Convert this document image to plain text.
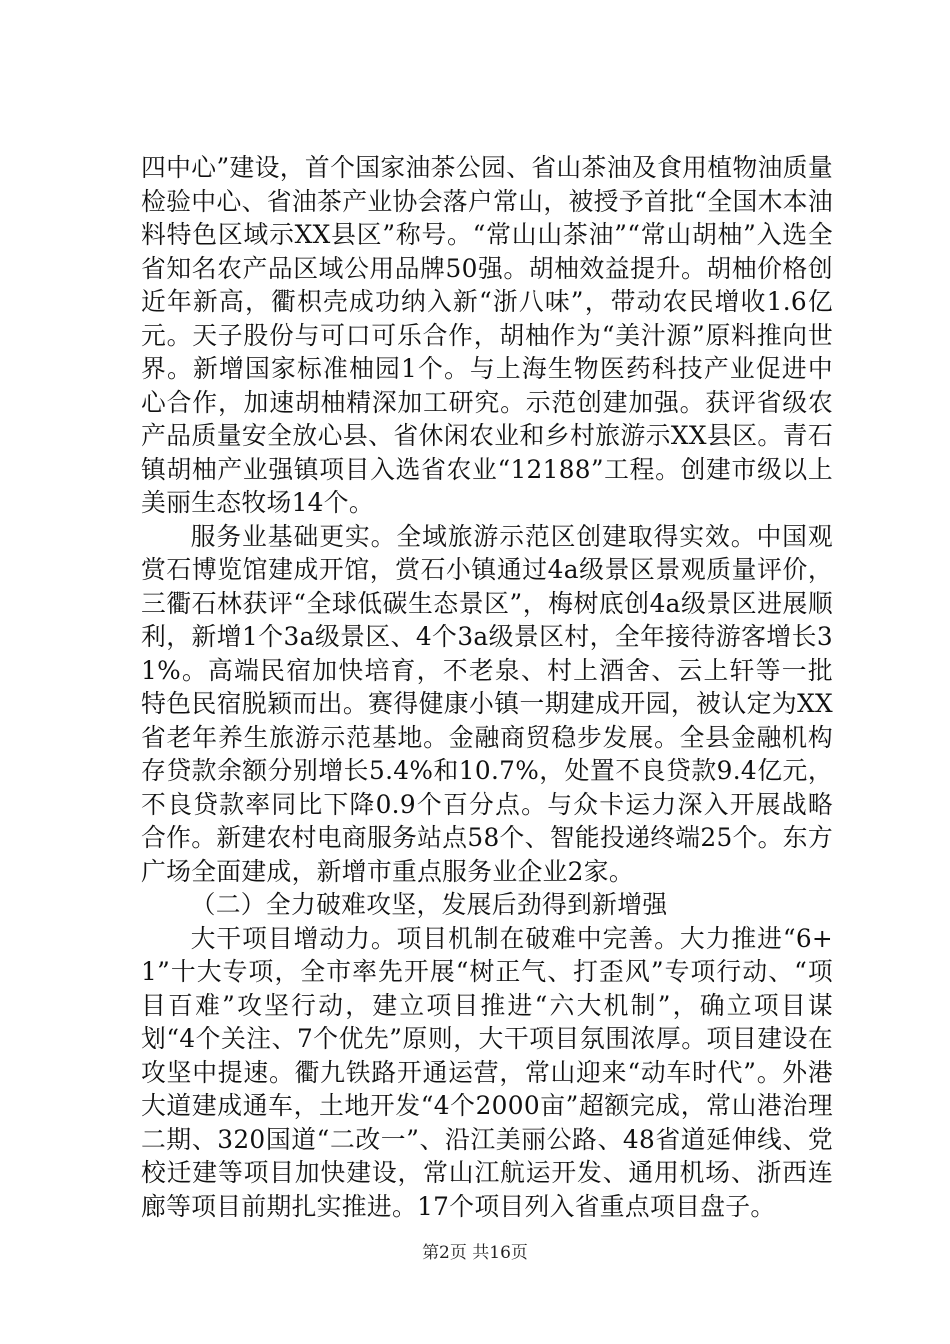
四中心”建设，首个国家油茶公园、省山茶油及食用植物油质量检验中心、省油茶产业协会落户常山，被授予首批“全国木本油料特色区域示XX县区”称号。“常山山茶油”“常山胡柚”入选全省知名农产品区域公用品牌50强。胡柚效益提升。胡柚价格创近年新高，衢枳壳成功纳入新“浙八味”，带动农民增收1.6亿元。天子股份与可口可乐合作，胡柚作为“美汁源”原料推向世界。新增国家标准柚园1个。与上海生物医药科技产业促进中心合作，加速胡柚精深加工研究。示范创建加强。获评省级农产品质量安全放心县、省休闲农业和乡村旅游示XX县区。青石镇胡柚产业强镇项目入选省农业“12188”工程。创建市级以上美丽生态牧场14个。

服务业基础更实。全域旅游示范区创建取得实效。中国观赏石博览馆建成开馆，赏石小镇通过4a级景区景观质量评价，三衢石林获评“全球低碳生态景区”，梅树底创4a级景区进展顺利，新增1个3a级景区、4个3a级景区村，全年接待游客增长31%。高端民宿加快培育，不老泉、村上酒舍、云上轩等一批特色民宿脱颖而出。赛得健康小镇一期建成开园，被认定为XX省老年养生旅游示范基地。金融商贸稳步发展。全县金融机构存贷款余额分别增长5.4%和10.7%，处置不良贷款9.4亿元，不良贷款率同比下降0.9个百分点。与众卡运力深入开展战略合作。新建农村电商服务站点58个、智能投递终端25个。东方广场全面建成，新增市重点服务业企业2家。

（二）全力破难攻坚，发展后劲得到新增强

大干项目增动力。项目机制在破难中完善。大力推进“6+1”十大专项，全市率先开展“树正气、打歪风”专项行动、“项目百难”攻坚行动，建立项目推进“六大机制”，确立项目谋划“4个关注、7个优先”原则，大干项目氛围浓厚。项目建设在攻坚中提速。衢九铁路开通运营，常山迎来“动车时代”。外港大道建成通车，土地开发“4个2000亩”超额完成，常山港治理二期、320国道“二改一”、沿江美丽公路、48省道延伸线、党校迁建等项目加快建设，常山江航运开发、通用机场、浙西连廊等项目前期扎实推进。17个项目列入省重点项目盘子。

第2页 共16页
